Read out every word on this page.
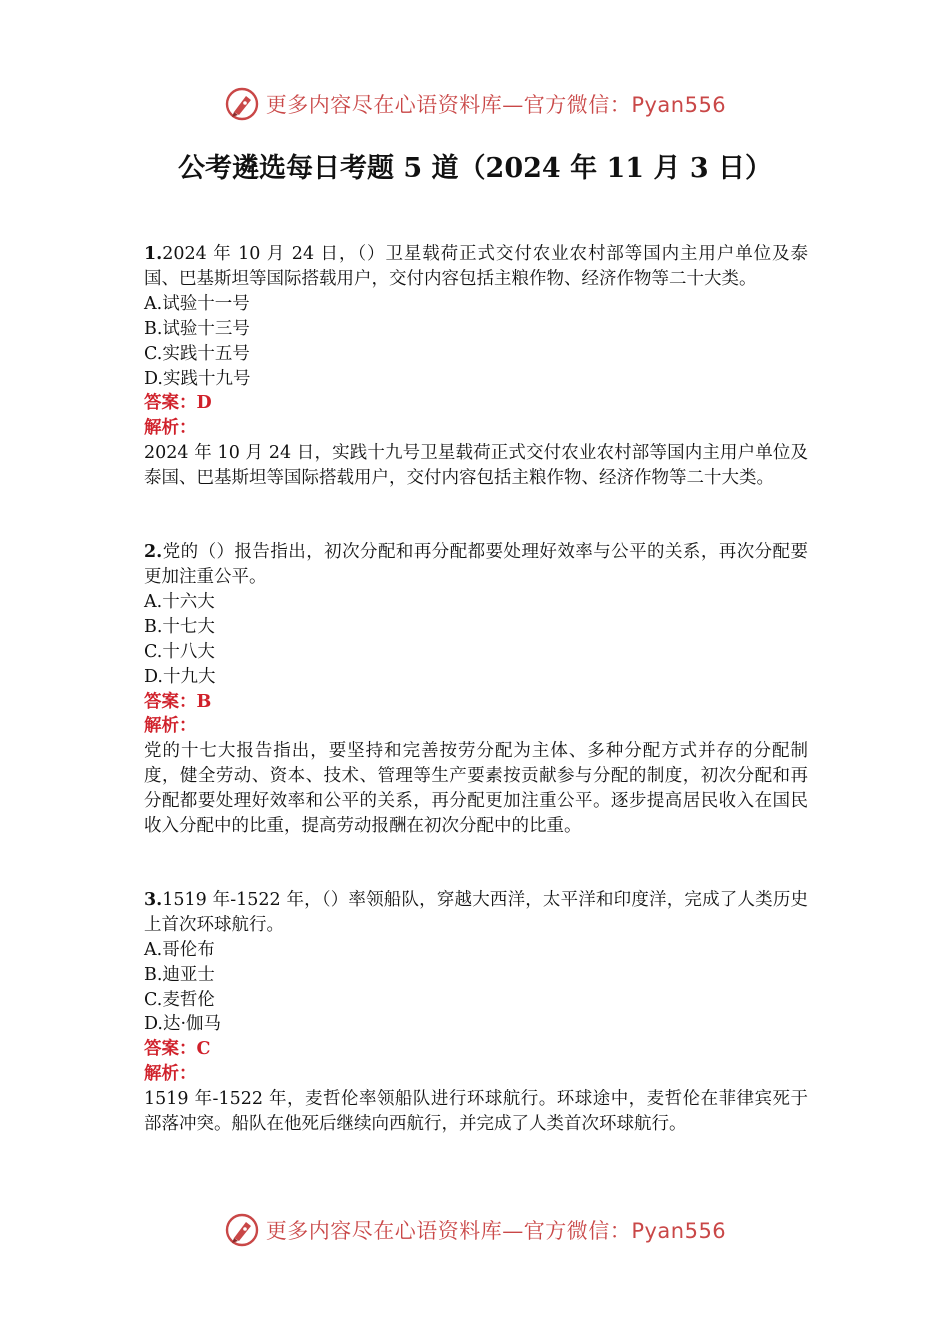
更多内容尽在心语资料库—官方微信：Pyan556
公考遴选每日考题 5 道（2024 年 11 月 3 日）

1.2024 年 10 月 24 日，（）卫星载荷正式交付农业农村部等国内主用户单位及泰国、巴基斯坦等国际搭载用户，交付内容包括主粮作物、经济作物等二十大类。

A.试验十一号

B.试验十三号

C.实践十五号

D.实践十九号

答案：D

解析：

2024 年 10 月 24 日，实践十九号卫星载荷正式交付农业农村部等国内主用户单位及泰国、巴基斯坦等国际搭载用户，交付内容包括主粮作物、经济作物等二十大类。

2.党的（）报告指出，初次分配和再分配都要处理好效率与公平的关系，再次分配要更加注重公平。

A.十六大

B.十七大

C.十八大

D.十九大

答案：B

解析：

党的十七大报告指出，要坚持和完善按劳分配为主体、多种分配方式并存的分配制度，健全劳动、资本、技术、管理等生产要素按贡献参与分配的制度，初次分配和再分配都要处理好效率和公平的关系，再分配更加注重公平。逐步提高居民收入在国民收入分配中的比重，提高劳动报酬在初次分配中的比重。

3.1519 年-1522 年，（）率领船队，穿越大西洋，太平洋和印度洋，完成了人类历史上首次环球航行。

A.哥伦布

B.迪亚士

C.麦哲伦

D.达·伽马

答案：C

解析：

1519 年-1522 年，麦哲伦率领船队进行环球航行。环球途中，麦哲伦在菲律宾死于部落冲突。船队在他死后继续向西航行，并完成了人类首次环球航行。

更多内容尽在心语资料库—官方微信：Pyan556
